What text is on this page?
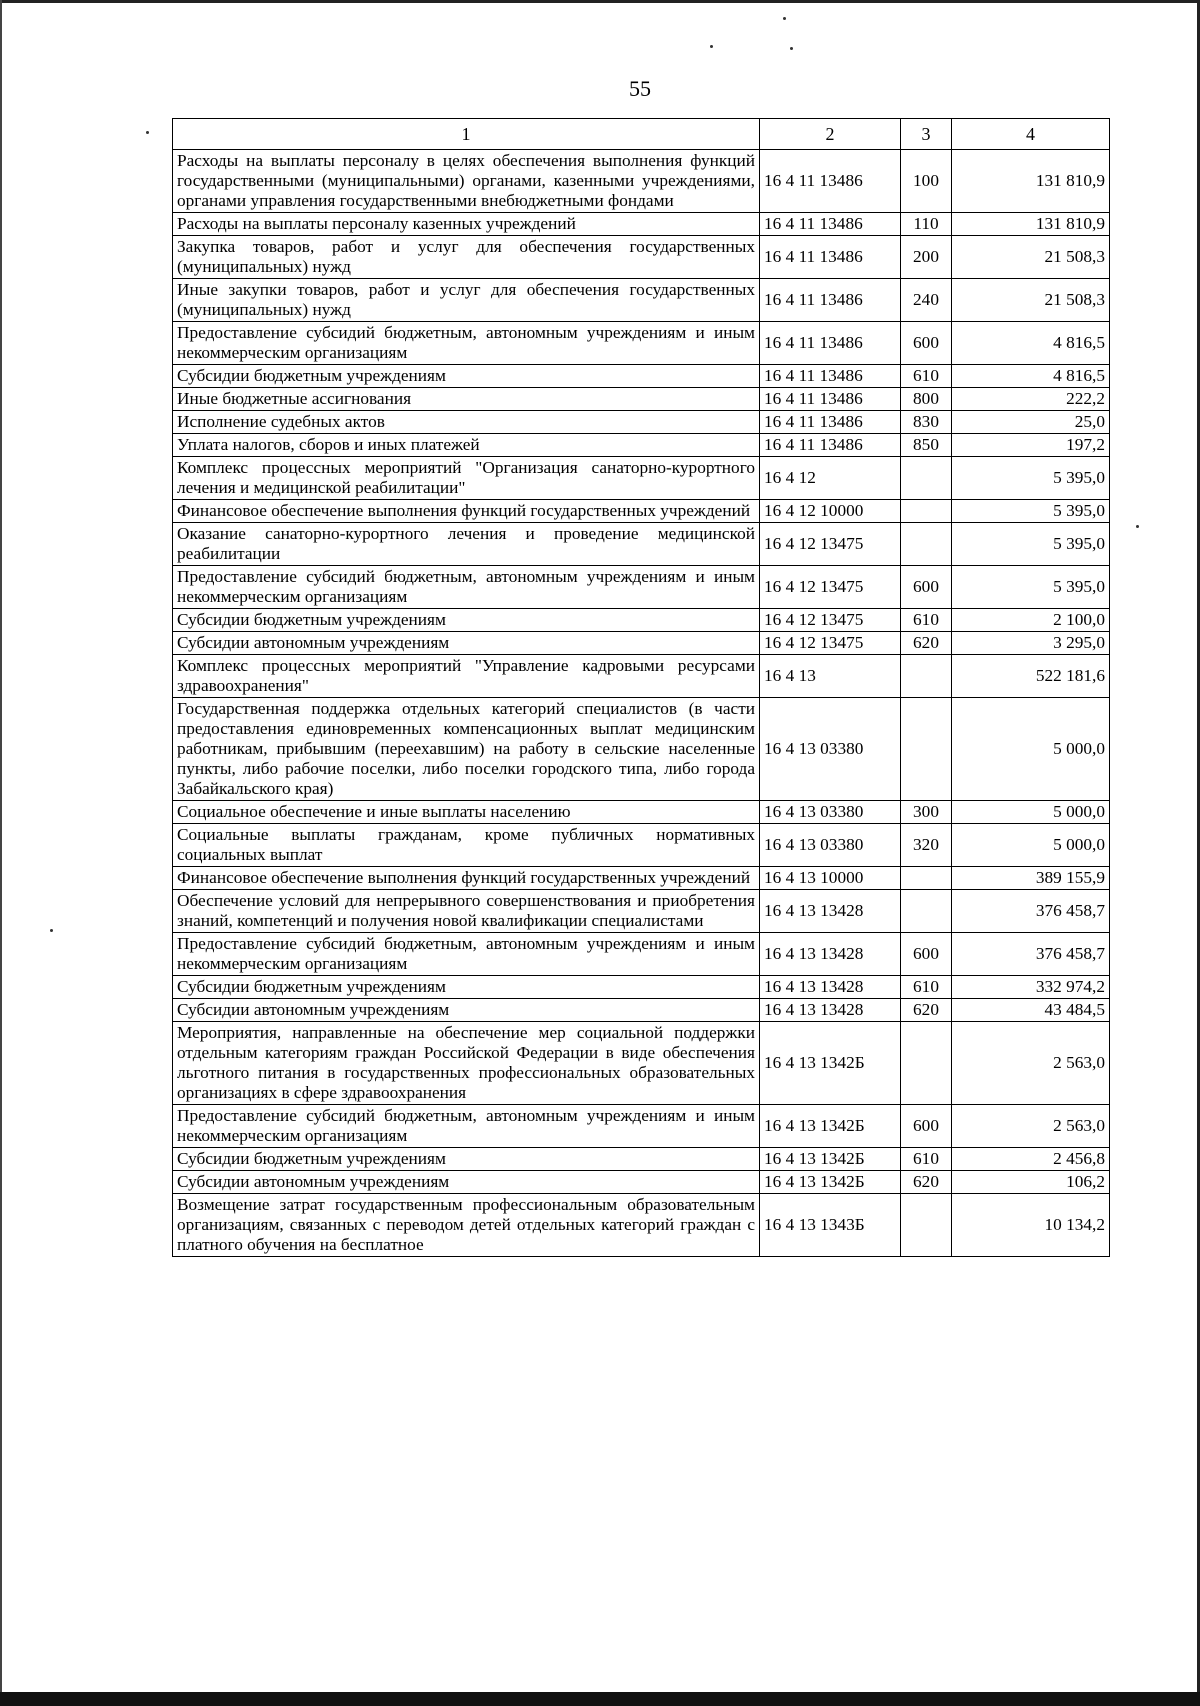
55
1	2	3	4
Расходы на выплаты персоналу в целях обеспечения выполнения функций государственными (муниципальными) органами, казенными учреждениями, органами управления государственными внебюджетными фондами	16 4 11 13486	100	131 810,9
Расходы на выплаты персоналу казенных учреждений	16 4 11 13486	110	131 810,9
Закупка товаров, работ и услуг для обеспечения государственных (муниципальных) нужд	16 4 11 13486	200	21 508,3
Иные закупки товаров, работ и услуг для обеспечения государственных (муниципальных) нужд	16 4 11 13486	240	21 508,3
Предоставление субсидий бюджетным, автономным учреждениям и иным некоммерческим организациям	16 4 11 13486	600	4 816,5
Субсидии бюджетным учреждениям	16 4 11 13486	610	4 816,5
Иные бюджетные ассигнования	16 4 11 13486	800	222,2
Исполнение судебных актов	16 4 11 13486	830	25,0
Уплата налогов, сборов и иных платежей	16 4 11 13486	850	197,2
Комплекс процессных мероприятий "Организация санаторно-курортного лечения и медицинской реабилитации"	16 4 12		5 395,0
Финансовое обеспечение выполнения функций государственных учреждений	16 4 12 10000		5 395,0
Оказание санаторно-курортного лечения и проведение медицинской реабилитации	16 4 12 13475		5 395,0
Предоставление субсидий бюджетным, автономным учреждениям и иным некоммерческим организациям	16 4 12 13475	600	5 395,0
Субсидии бюджетным учреждениям	16 4 12 13475	610	2 100,0
Субсидии автономным учреждениям	16 4 12 13475	620	3 295,0
Комплекс процессных мероприятий "Управление кадровыми ресурсами здравоохранения"	16 4 13		522 181,6
Государственная поддержка отдельных категорий специалистов (в части предоставления единовременных компенсационных выплат медицинским работникам, прибывшим (переехавшим) на работу в сельские населенные пункты, либо рабочие поселки, либо поселки городского типа, либо города Забайкальского края)	16 4 13 03380		5 000,0
Социальное обеспечение и иные выплаты населению	16 4 13 03380	300	5 000,0
Социальные выплаты гражданам, кроме публичных нормативных социальных выплат	16 4 13 03380	320	5 000,0
Финансовое обеспечение выполнения функций государственных учреждений	16 4 13 10000		389 155,9
Обеспечение условий для непрерывного совершенствования и приобретения знаний, компетенций и получения новой квалификации специалистами	16 4 13 13428		376 458,7
Предоставление субсидий бюджетным, автономным учреждениям и иным некоммерческим организациям	16 4 13 13428	600	376 458,7
Субсидии бюджетным учреждениям	16 4 13 13428	610	332 974,2
Субсидии автономным учреждениям	16 4 13 13428	620	43 484,5
Мероприятия, направленные на обеспечение мер социальной поддержки отдельным категориям граждан Российской Федерации в виде обеспечения льготного питания в государственных профессиональных образовательных организациях в сфере здравоохранения	16 4 13 1342Б		2 563,0
Предоставление субсидий бюджетным, автономным учреждениям и иным некоммерческим организациям	16 4 13 1342Б	600	2 563,0
Субсидии бюджетным учреждениям	16 4 13 1342Б	610	2 456,8
Субсидии автономным учреждениям	16 4 13 1342Б	620	106,2
Возмещение затрат государственным профессиональным образовательным организациям, связанных с переводом детей отдельных категорий граждан с платного обучения на бесплатное	16 4 13 1343Б		10 134,2
